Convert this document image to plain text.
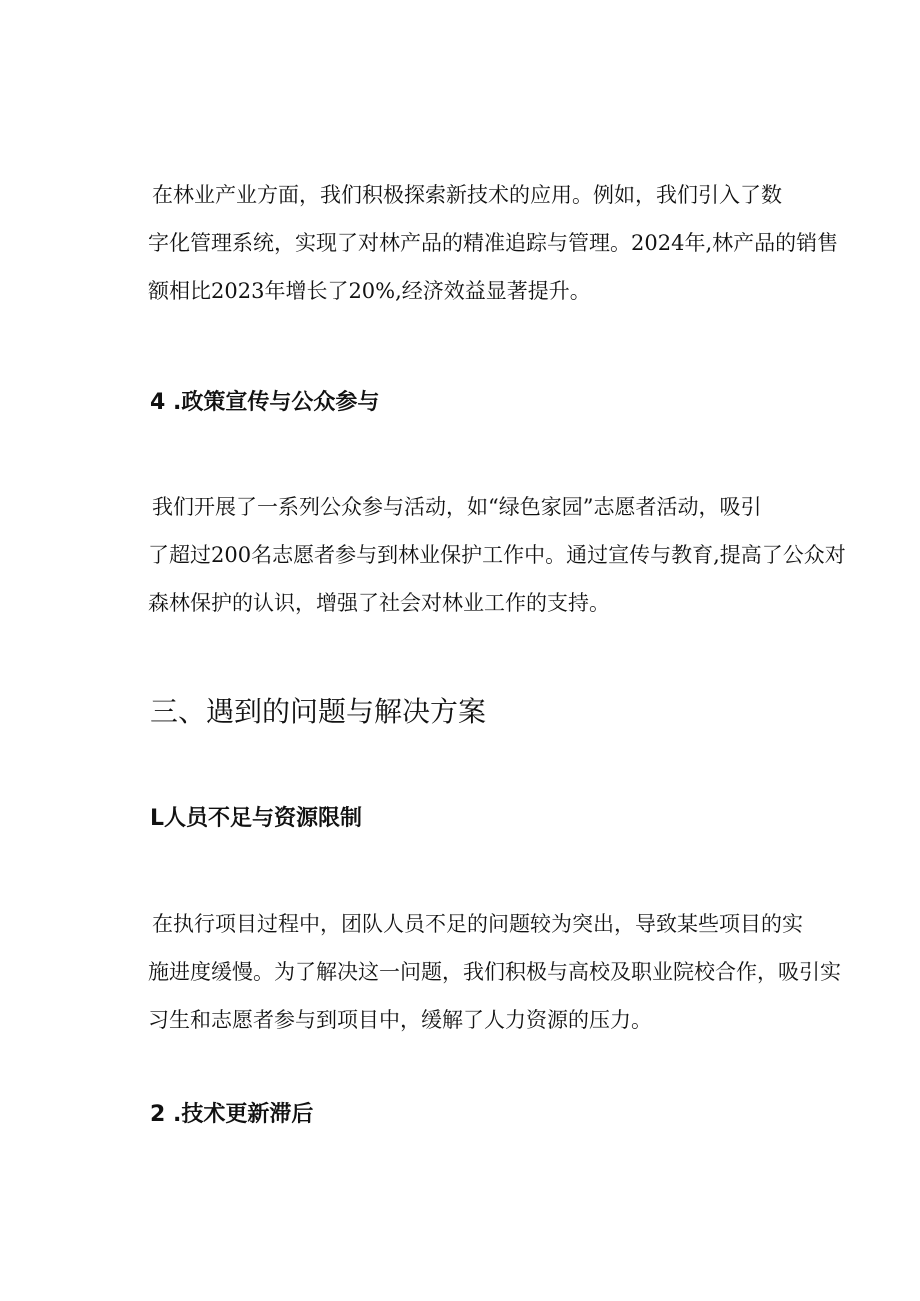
在林业产业方面，我们积极探索新技术的应用。例如，我们引入了数
字化管理系统，实现了对林产品的精准追踪与管理。2024年,林产品的销售
额相比2023年增长了20%,经济效益显著提升。
4 .政策宣传与公众参与
我们开展了一系列公众参与活动，如“绿色家园”志愿者活动，吸引
了超过200名志愿者参与到林业保护工作中。通过宣传与教育,提高了公众对
森林保护的认识，增强了社会对林业工作的支持。
三、遇到的问题与解决方案
L人员不足与资源限制
在执行项目过程中，团队人员不足的问题较为突出，导致某些项目的实
施进度缓慢。为了解决这一问题，我们积极与高校及职业院校合作，吸引实
习生和志愿者参与到项目中，缓解了人力资源的压力。
2 .技术更新滞后
